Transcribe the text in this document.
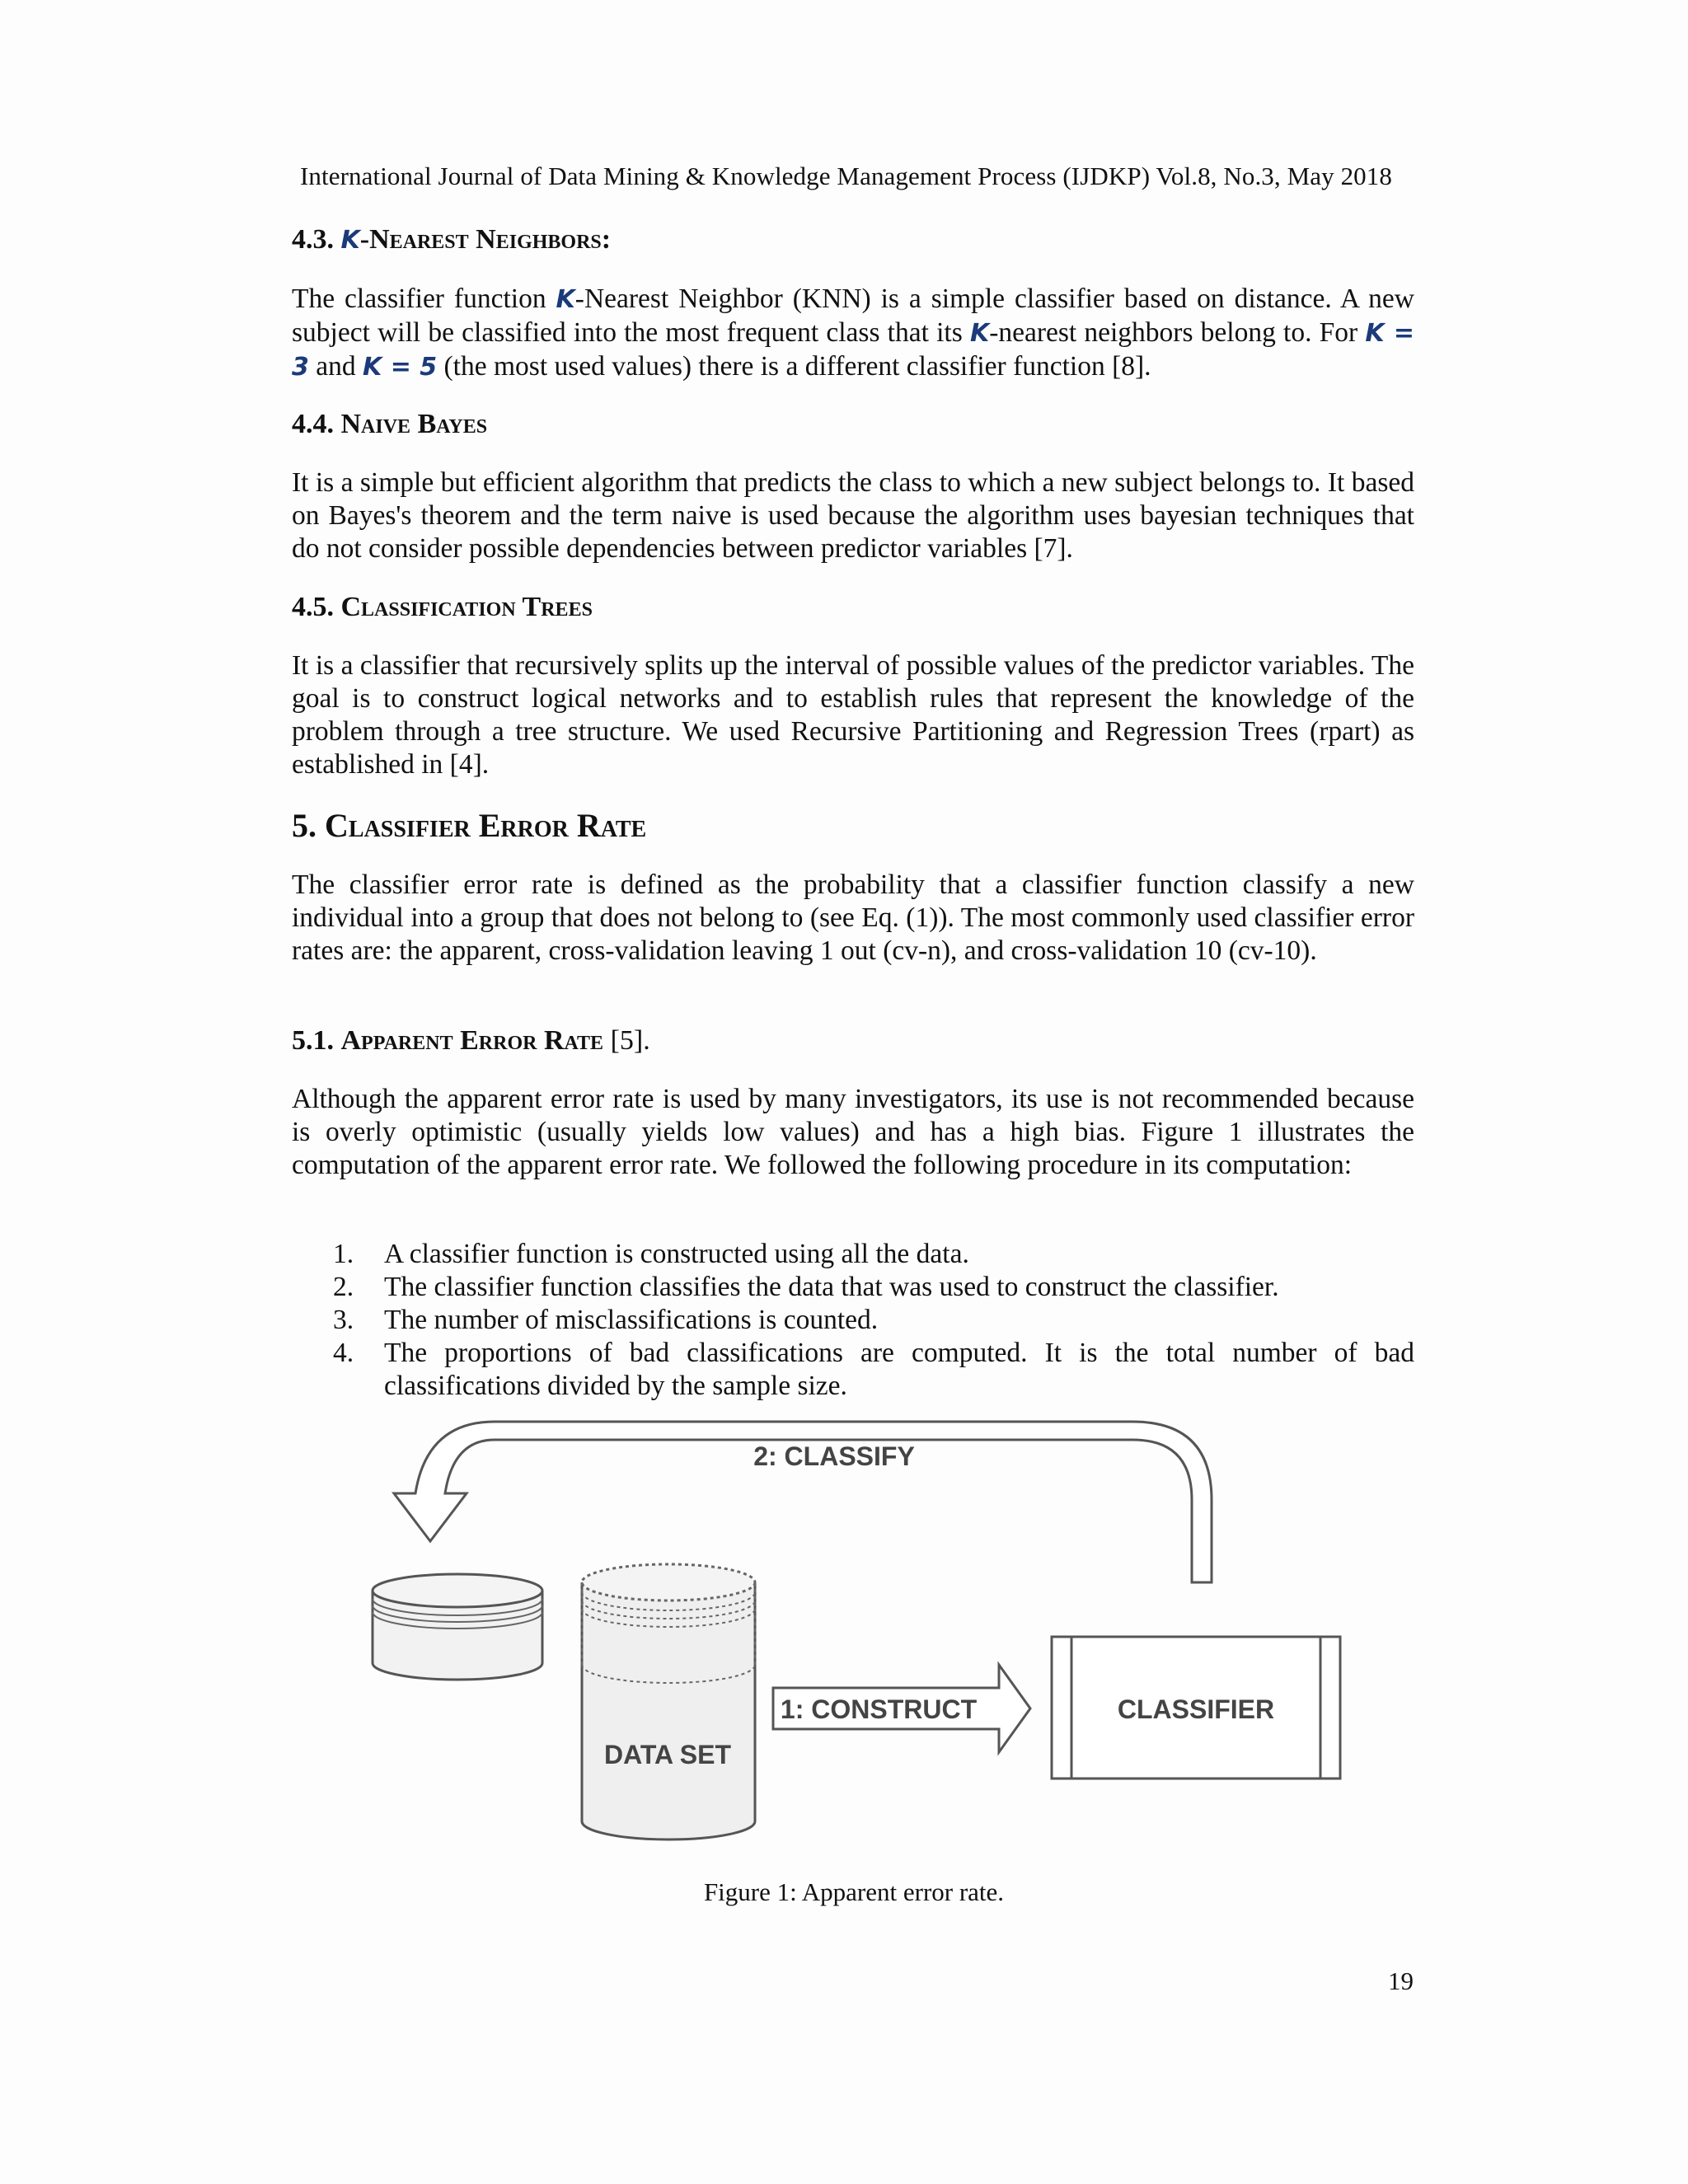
International Journal of Data Mining & Knowledge Management Process (IJDKP) Vol.8, No.3, May 2018
4.3. K-Nearest Neighbors:
The classifier function K-Nearest Neighbor (KNN) is a simple classifier based on distance. A new subject will be classified into the most frequent class that its K-nearest neighbors belong to. For K = 3 and K = 5 (the most used values) there is a different classifier function [8].
4.4. Naive Bayes
It is a simple but efficient algorithm that predicts the class to which a new subject belongs to. It based on Bayes's theorem and the term naive is used because the algorithm uses bayesian techniques that do not consider possible dependencies between predictor variables [7].
4.5. Classification Trees
It is a classifier that recursively splits up the interval of possible values of the predictor variables. The goal is to construct logical networks and to establish rules that represent the knowledge of the problem through a tree structure. We used Recursive Partitioning and Regression Trees (rpart) as established in [4].
5. Classifier Error Rate
The classifier error rate is defined as the probability that a classifier function classify a new individual into a group that does not belong to (see Eq. (1)). The most commonly used classifier error rates are: the apparent, cross-validation leaving 1 out (cv-n), and cross-validation 10 (cv-10).
5.1. Apparent Error Rate [5].
Although the apparent error rate is used by many investigators, its use is not recommended because is overly optimistic (usually yields low values) and has a high bias. Figure 1 illustrates the computation of the apparent error rate. We followed the following procedure in its computation:
1. A classifier function is constructed using all the data.
2. The classifier function classifies the data that was used to construct the classifier.
3. The number of misclassifications is counted.
4. The proportions of bad classifications are computed. It is the total number of bad classifications divided by the sample size.
2: CLASSIFY
DATA SET
1: CONSTRUCT	CLASSIFIER
Figure 1: Apparent error rate.
19
